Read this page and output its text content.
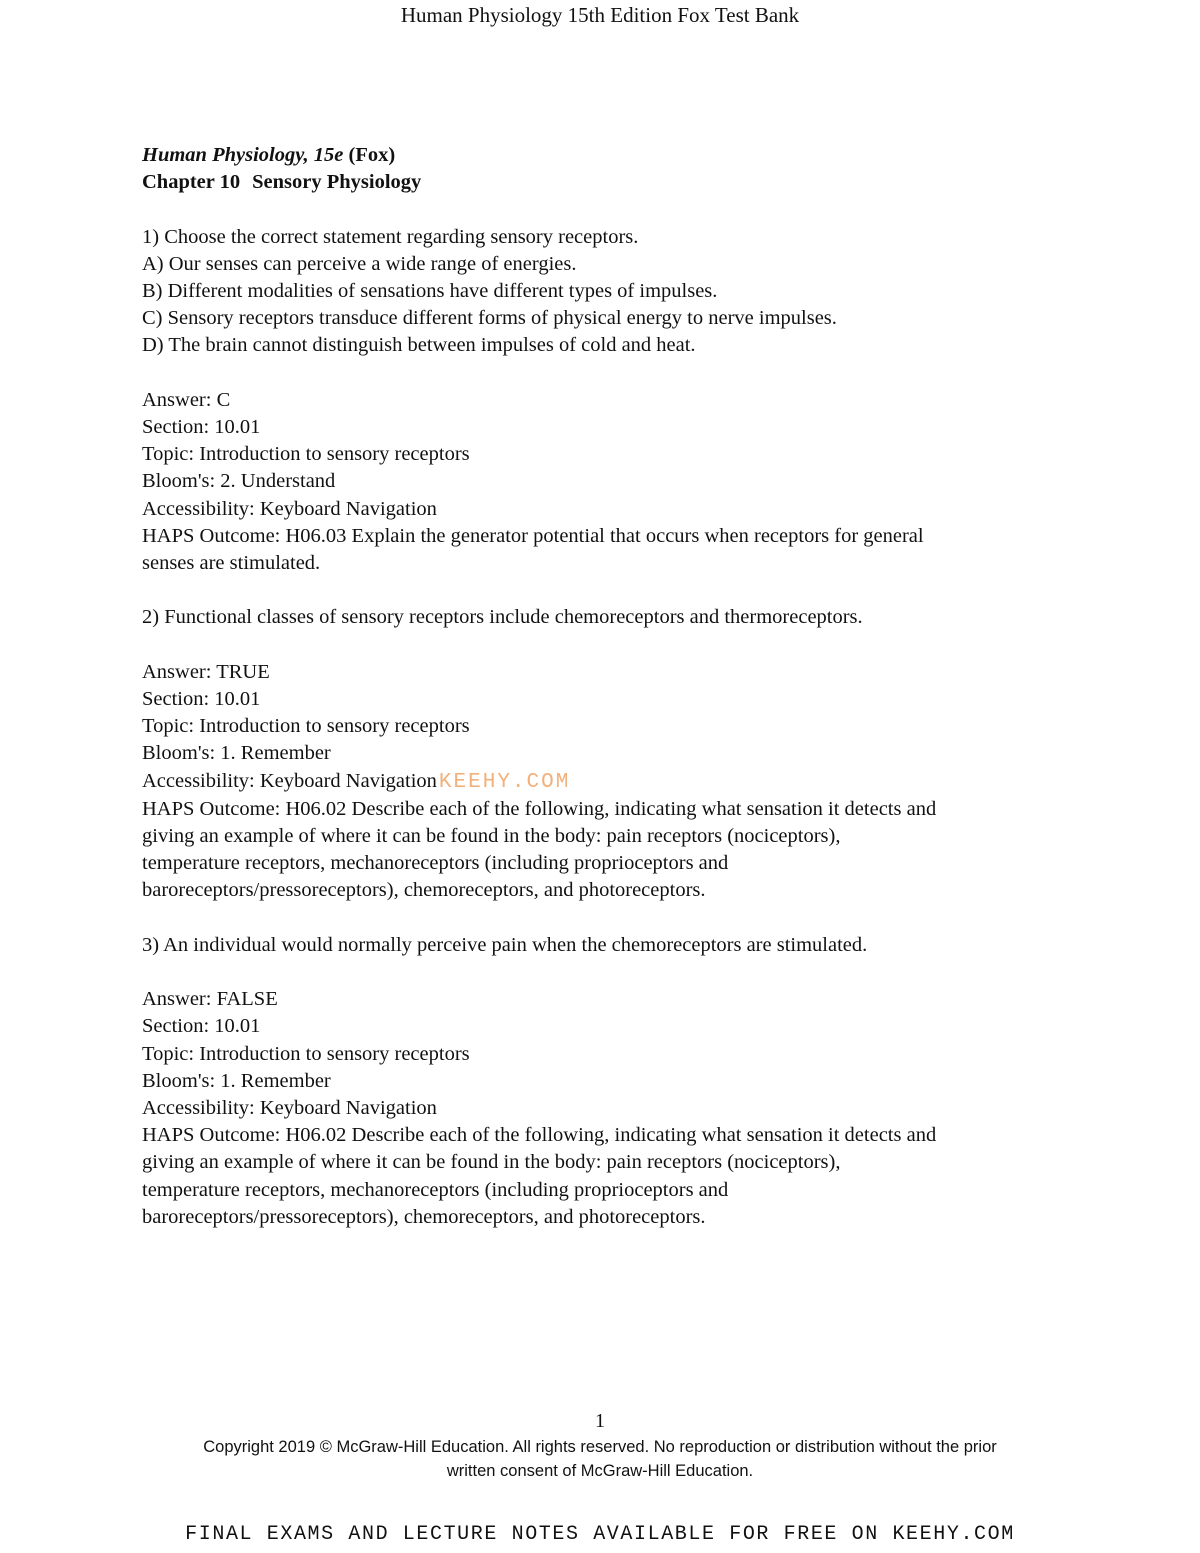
Human Physiology 15th Edition Fox Test Bank
Human Physiology, 15e (Fox)
Chapter 10 Sensory Physiology
1) Choose the correct statement regarding sensory receptors.
A) Our senses can perceive a wide range of energies.
B) Different modalities of sensations have different types of impulses.
C) Sensory receptors transduce different forms of physical energy to nerve impulses.
D) The brain cannot distinguish between impulses of cold and heat.
Answer: C
Section: 10.01
Topic: Introduction to sensory receptors
Bloom's: 2. Understand
Accessibility: Keyboard Navigation
HAPS Outcome: H06.03 Explain the generator potential that occurs when receptors for general
senses are stimulated.
2) Functional classes of sensory receptors include chemoreceptors and thermoreceptors.
Answer: TRUE
Section: 10.01
Topic: Introduction to sensory receptors
Bloom's: 1. Remember
Accessibility: Keyboard NavigationKEEHY.COM
HAPS Outcome: H06.02 Describe each of the following, indicating what sensation it detects and
giving an example of where it can be found in the body: pain receptors (nociceptors),
temperature receptors, mechanoreceptors (including proprioceptors and
baroreceptors/pressoreceptors), chemoreceptors, and photoreceptors.
3) An individual would normally perceive pain when the chemoreceptors are stimulated.
Answer: FALSE
Section: 10.01
Topic: Introduction to sensory receptors
Bloom's: 1. Remember
Accessibility: Keyboard Navigation
HAPS Outcome: H06.02 Describe each of the following, indicating what sensation it detects and
giving an example of where it can be found in the body: pain receptors (nociceptors),
temperature receptors, mechanoreceptors (including proprioceptors and
baroreceptors/pressoreceptors), chemoreceptors, and photoreceptors.
1
Copyright 2019 © McGraw-Hill Education. All rights reserved. No reproduction or distribution without the prior
written consent of McGraw-Hill Education.
FINAL EXAMS AND LECTURE NOTES AVAILABLE FOR FREE ON KEEHY.COM
